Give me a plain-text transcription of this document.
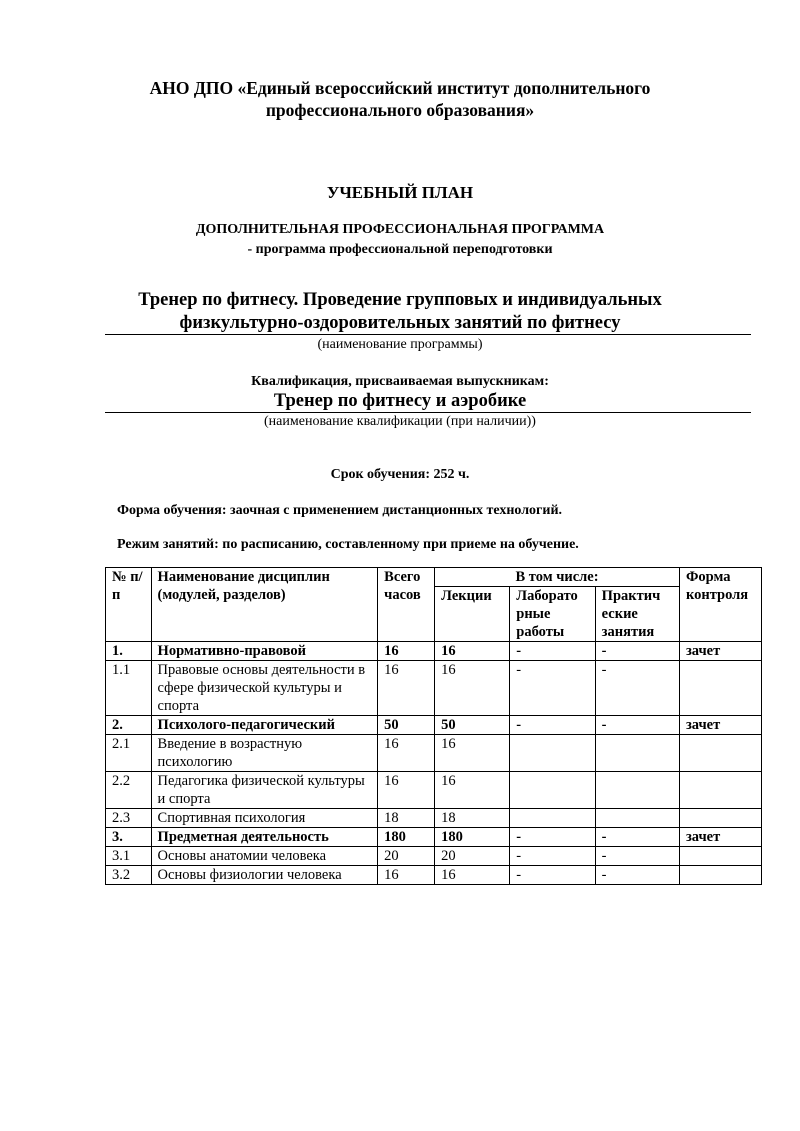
АНО ДПО «Единый всероссийский институт дополнительного
профессионального образования»
УЧЕБНЫЙ ПЛАН
ДОПОЛНИТЕЛЬНАЯ ПРОФЕССИОНАЛЬНАЯ ПРОГРАММА
- программа профессиональной переподготовки
Тренер по фитнесу. Проведение групповых и индивидуальных
физкультурно-оздоровительных занятий по фитнесу
(наименование программы)
Квалификация, присваиваемая выпускникам:
Тренер по фитнесу и аэробике
(наименование квалификации (при наличии))
Срок обучения: 252 ч.
Форма обучения: заочная с применением дистанционных технологий.
Режим занятий: по расписанию, составленному при приеме на обучение.
№ п/п	Наименование дисциплин (модулей, разделов)	Всего часов	В том числе:			Форма контроля
			Лекции	Лаборато рные работы	Практич еские занятия	
1.	Нормативно-правовой	16	16	-	-	зачет
1.1	Правовые основы деятельности в сфере физической культуры и спорта	16	16	-	-	
2.	Психолого-педагогический	50	50	-	-	зачет
2.1	Введение в возрастную психологию	16	16			
2.2	Педагогика физической культуры и спорта	16	16			
2.3	Спортивная психология	18	18			
3.	Предметная деятельность	180	180	-	-	зачет
3.1	Основы анатомии человека	20	20	-	-	
3.2	Основы физиологии человека	16	16	-	-	
